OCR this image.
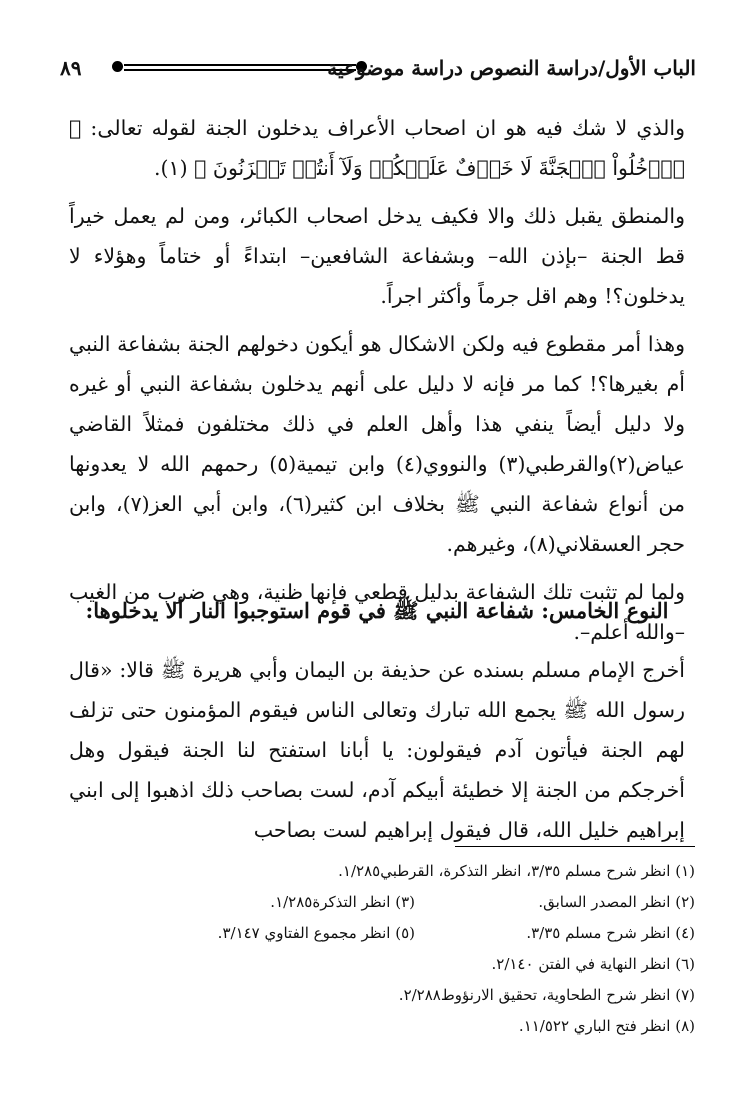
٨٩	الباب الأول/دراسة النصوص دراسة موضوعية

والذي لا شك فيه هو ان اصحاب الأعراف يدخلون الجنة لقوله تعالى: ﴿ ٱدۡخُلُواْ ٱلۡجَنَّةَ لَا خَوۡفٌ عَلَيۡكُمۡ وَلَآ أَنتُمۡ تَحۡزَنُونَ ﴾ (١).

والمنطق يقبل ذلك والا فكيف يدخل اصحاب الكبائر، ومن لم يعمل خيراً قط الجنة –بإذن الله– وبشفاعة الشافعين– ابتداءً أو ختاماً وهؤلاء لا يدخلون؟! وهم اقل جرماً وأكثر اجراً.

وهذا أمر مقطوع فيه ولكن الاشكال هو أيكون دخولهم الجنة بشفاعة النبي أم بغيرها؟! كما مر فإنه لا دليل على أنهم يدخلون بشفاعة النبي أو غيره ولا دليل أيضاً ينفي هذا وأهل العلم في ذلك مختلفون فمثلاً القاضي عياض(٢)والقرطبي(٣) والنووي(٤) وابن تيمية(٥) رحمهم الله لا يعدونها من أنواع شفاعة النبي ﷺ بخلاف ابن كثير(٦)، وابن أبي العز(٧)، وابن حجر العسقلاني(٨)، وغيرهم.

ولما لم تثبت تلك الشفاعة بدليل قطعي فإنها ظنية، وهي ضرب من الغيب –والله أعلم–.

النوع الخامس: شفاعة النبي ﷺ في قوم استوجبوا النار ألا يدخلوها:

أخرج الإمام مسلم بسنده عن حذيفة بن اليمان وأبي هريرة ﷺ قالا: «قال رسول الله ﷺ يجمع الله تبارك وتعالى الناس فيقوم المؤمنون حتى تزلف لهم الجنة فيأتون آدم فيقولون: يا أبانا استفتح لنا الجنة فيقول وهل أخرجكم من الجنة إلا خطيئة أبيكم آدم، لست بصاحب ذلك اذهبوا إلى ابني إبراهيم خليل الله، قال فيقول إبراهيم لست بصاحب

(١) انظر شرح مسلم ٣/٣٥، انظر التذكرة، القرطبي١/٢٨٥.
(٢) انظر المصدر السابق.
(٣) انظر التذكرة١/٢٨٥.
(٤) انظر شرح مسلم ٣/٣٥.
(٥) انظر مجموع الفتاوي ٣/١٤٧.
(٦) انظر النهاية في الفتن ٢/١٤٠.
(٧) انظر شرح الطحاوية، تحقيق الارنؤوط٢/٢٨٨.
(٨) انظر فتح الباري ١١/٥٢٢.
